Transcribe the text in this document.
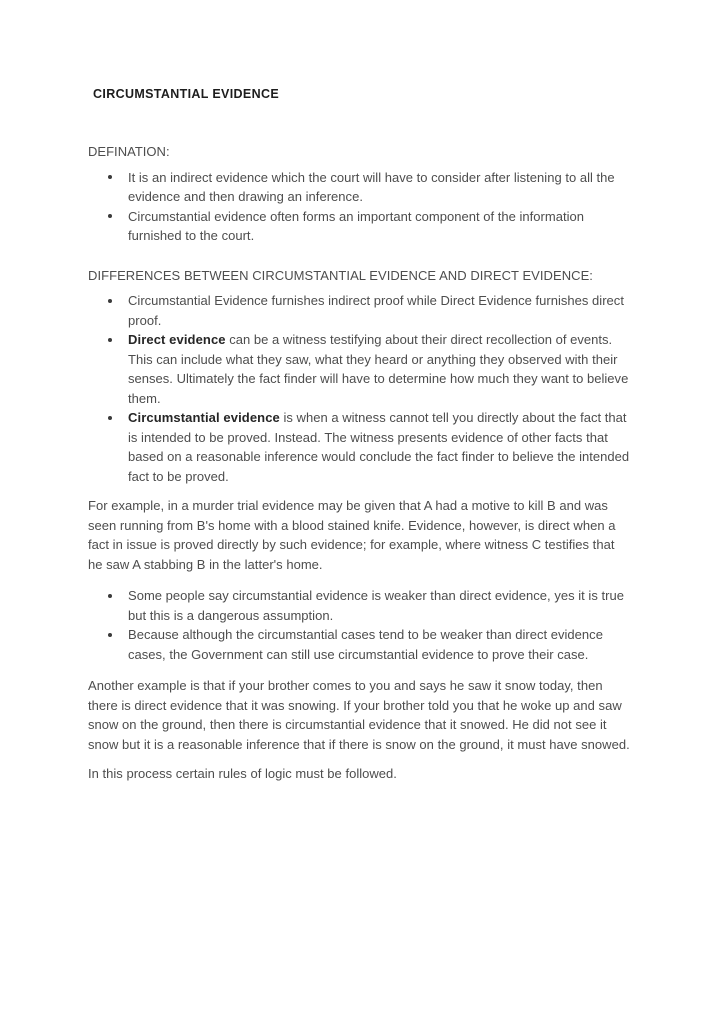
CIRCUMSTANTIAL EVIDENCE

DEFINATION:

It is an indirect evidence which the court will have to consider after listening to all the evidence and then drawing an inference.
Circumstantial evidence often forms an important component of the information furnished to the court.

DIFFERENCES BETWEEN CIRCUMSTANTIAL EVIDENCE AND DIRECT EVIDENCE:

Circumstantial Evidence furnishes indirect proof while Direct Evidence furnishes direct proof.
Direct evidence can be a witness testifying about their direct recollection of events. This can include what they saw, what they heard or anything they observed with their senses. Ultimately the fact finder will have to determine how much they want to believe them.
Circumstantial evidence is when a witness cannot tell you directly about the fact that is intended to be proved. Instead. The witness presents evidence of other facts that based on a reasonable inference would conclude the fact finder to believe the intended fact to be proved.

For example, in a murder trial evidence may be given that A had a motive to kill B and was seen running from B's home with a blood stained knife. Evidence, however, is direct when a fact in issue is proved directly by such evidence; for example, where witness C testifies that he saw A stabbing B in the latter's home.

Some people say circumstantial evidence is weaker than direct evidence, yes it is true but this is a dangerous assumption.
Because although the circumstantial cases tend to be weaker than direct evidence cases, the Government can still use circumstantial evidence to prove their case.

Another example is that if your brother comes to you and says he saw it snow today, then there is direct evidence that it was snowing. If your brother told you that he woke up and saw snow on the ground, then there is circumstantial evidence that it snowed. He did not see it snow but it is a reasonable inference that if there is snow on the ground, it must have snowed.

In this process certain rules of logic must be followed.
